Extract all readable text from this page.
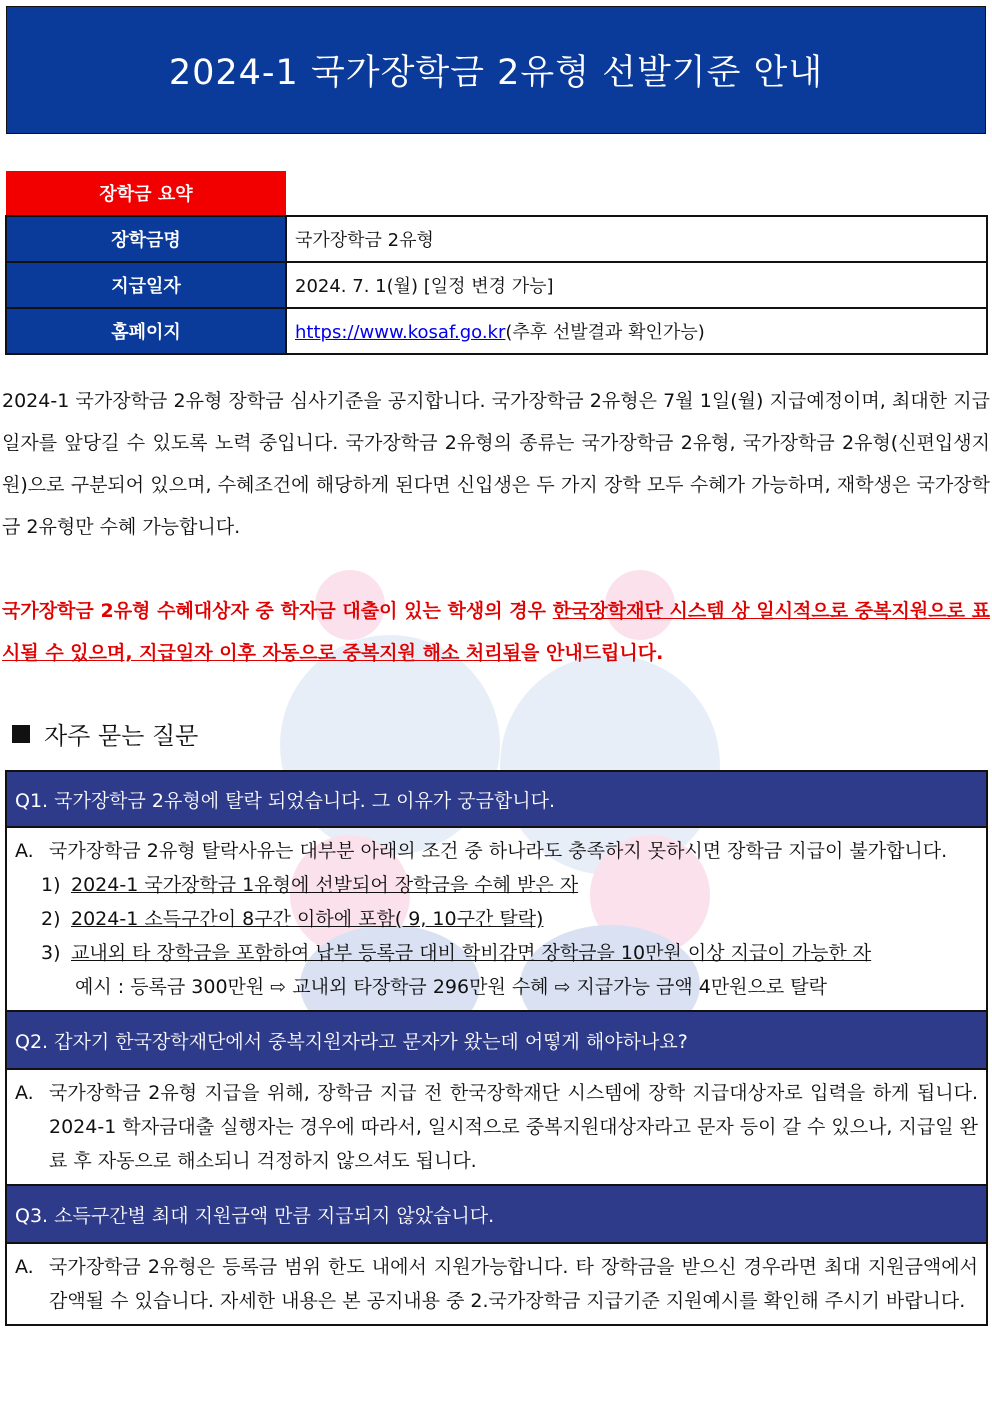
2024-1 국가장학금 2유형 선발기준 안내
장학금 요약	
장학금명	국가장학금 2유형
지급일자	2024. 7. 1(월) [일정 변경 가능]
홈페이지	https://www.kosaf.go.kr(추후 선발결과 확인가능)
2024-1 국가장학금 2유형 장학금 심사기준을 공지합니다. 국가장학금 2유형은 7월 1일(월) 지급예정이며, 최대한 지급 일자를 앞당길 수 있도록 노력 중입니다. 국가장학금 2유형의 종류는 국가장학금 2유형, 국가장학금 2유형(신편입생지원)으로 구분되어 있으며, 수혜조건에 해당하게 된다면 신입생은 두 가지 장학 모두 수혜가 가능하며, 재학생은 국가장학금 2유형만 수혜 가능합니다.
국가장학금 2유형 수혜대상자 중 학자금 대출이 있는 학생의 경우 한국장학재단 시스템 상 일시적으로 중복지원으로 표시될 수 있으며, 지급일자 이후 자동으로 중복지원 해소 처리됨을 안내드립니다.
자주 묻는 질문
Q1. 국가장학금 2유형에 탈락 되었습니다. 그 이유가 궁금합니다.
A. 국가장학금 2유형 탈락사유는 대부분 아래의 조건 중 하나라도 충족하지 못하시면 장학금 지급이 불가합니다.
1) 2024-1 국가장학금 1유형에 선발되어 장학금을 수혜 받은 자
2) 2024-1 소득구간이 8구간 이하에 포함( 9, 10구간 탈락)
3) 교내외 타 장학금을 포함하여 납부 등록금 대비 학비감면 장학금을 10만원 이상 지급이 가능한 자
예시 : 등록금 300만원 ⇨ 교내외 타장학금 296만원 수혜 ⇨ 지급가능 금액 4만원으로 탈락
Q2. 갑자기 한국장학재단에서 중복지원자라고 문자가 왔는데 어떻게 해야하나요?
A. 국가장학금 2유형 지급을 위해, 장학금 지급 전 한국장학재단 시스템에 장학 지급대상자로 입력을 하게 됩니다. 2024-1 학자금대출 실행자는 경우에 따라서, 일시적으로 중복지원대상자라고 문자 등이 갈 수 있으나, 지급일 완료 후 자동으로 해소되니 걱정하지 않으셔도 됩니다.
Q3. 소득구간별 최대 지원금액 만큼 지급되지 않았습니다.
A. 국가장학금 2유형은 등록금 범위 한도 내에서 지원가능합니다. 타 장학금을 받으신 경우라면 최대 지원금액에서 감액될 수 있습니다. 자세한 내용은 본 공지내용 중 2.국가장학금 지급기준 지원예시를 확인해 주시기 바랍니다.
